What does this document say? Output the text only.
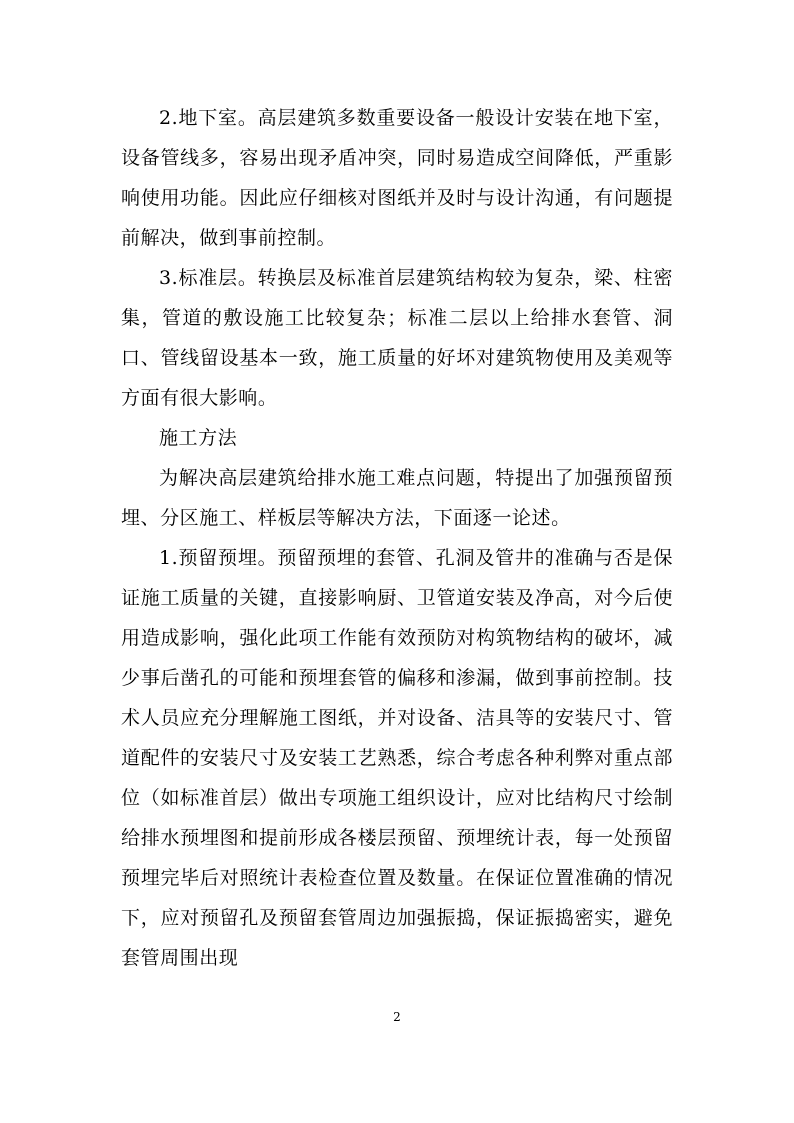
2.地下室。高层建筑多数重要设备一般设计安装在地下室，设备管线多，容易出现矛盾冲突，同时易造成空间降低，严重影响使用功能。因此应仔细核对图纸并及时与设计沟通，有问题提前解决，做到事前控制。

3.标准层。转换层及标准首层建筑结构较为复杂，梁、柱密集，管道的敷设施工比较复杂；标准二层以上给排水套管、洞口、管线留设基本一致，施工质量的好坏对建筑物使用及美观等方面有很大影响。

施工方法

为解决高层建筑给排水施工难点问题，特提出了加强预留预埋、分区施工、样板层等解决方法，下面逐一论述。

1.预留预埋。预留预埋的套管、孔洞及管井的准确与否是保证施工质量的关键，直接影响厨、卫管道安装及净高，对今后使用造成影响，强化此项工作能有效预防对构筑物结构的破坏，减少事后凿孔的可能和预埋套管的偏移和渗漏，做到事前控制。技术人员应充分理解施工图纸，并对设备、洁具等的安装尺寸、管道配件的安装尺寸及安装工艺熟悉，综合考虑各种利弊对重点部位（如标准首层）做出专项施工组织设计，应对比结构尺寸绘制给排水预埋图和提前形成各楼层预留、预埋统计表，每一处预留预埋完毕后对照统计表检查位置及数量。在保证位置准确的情况下，应对预留孔及预留套管周边加强振捣，保证振捣密实，避免套管周围出现

2
